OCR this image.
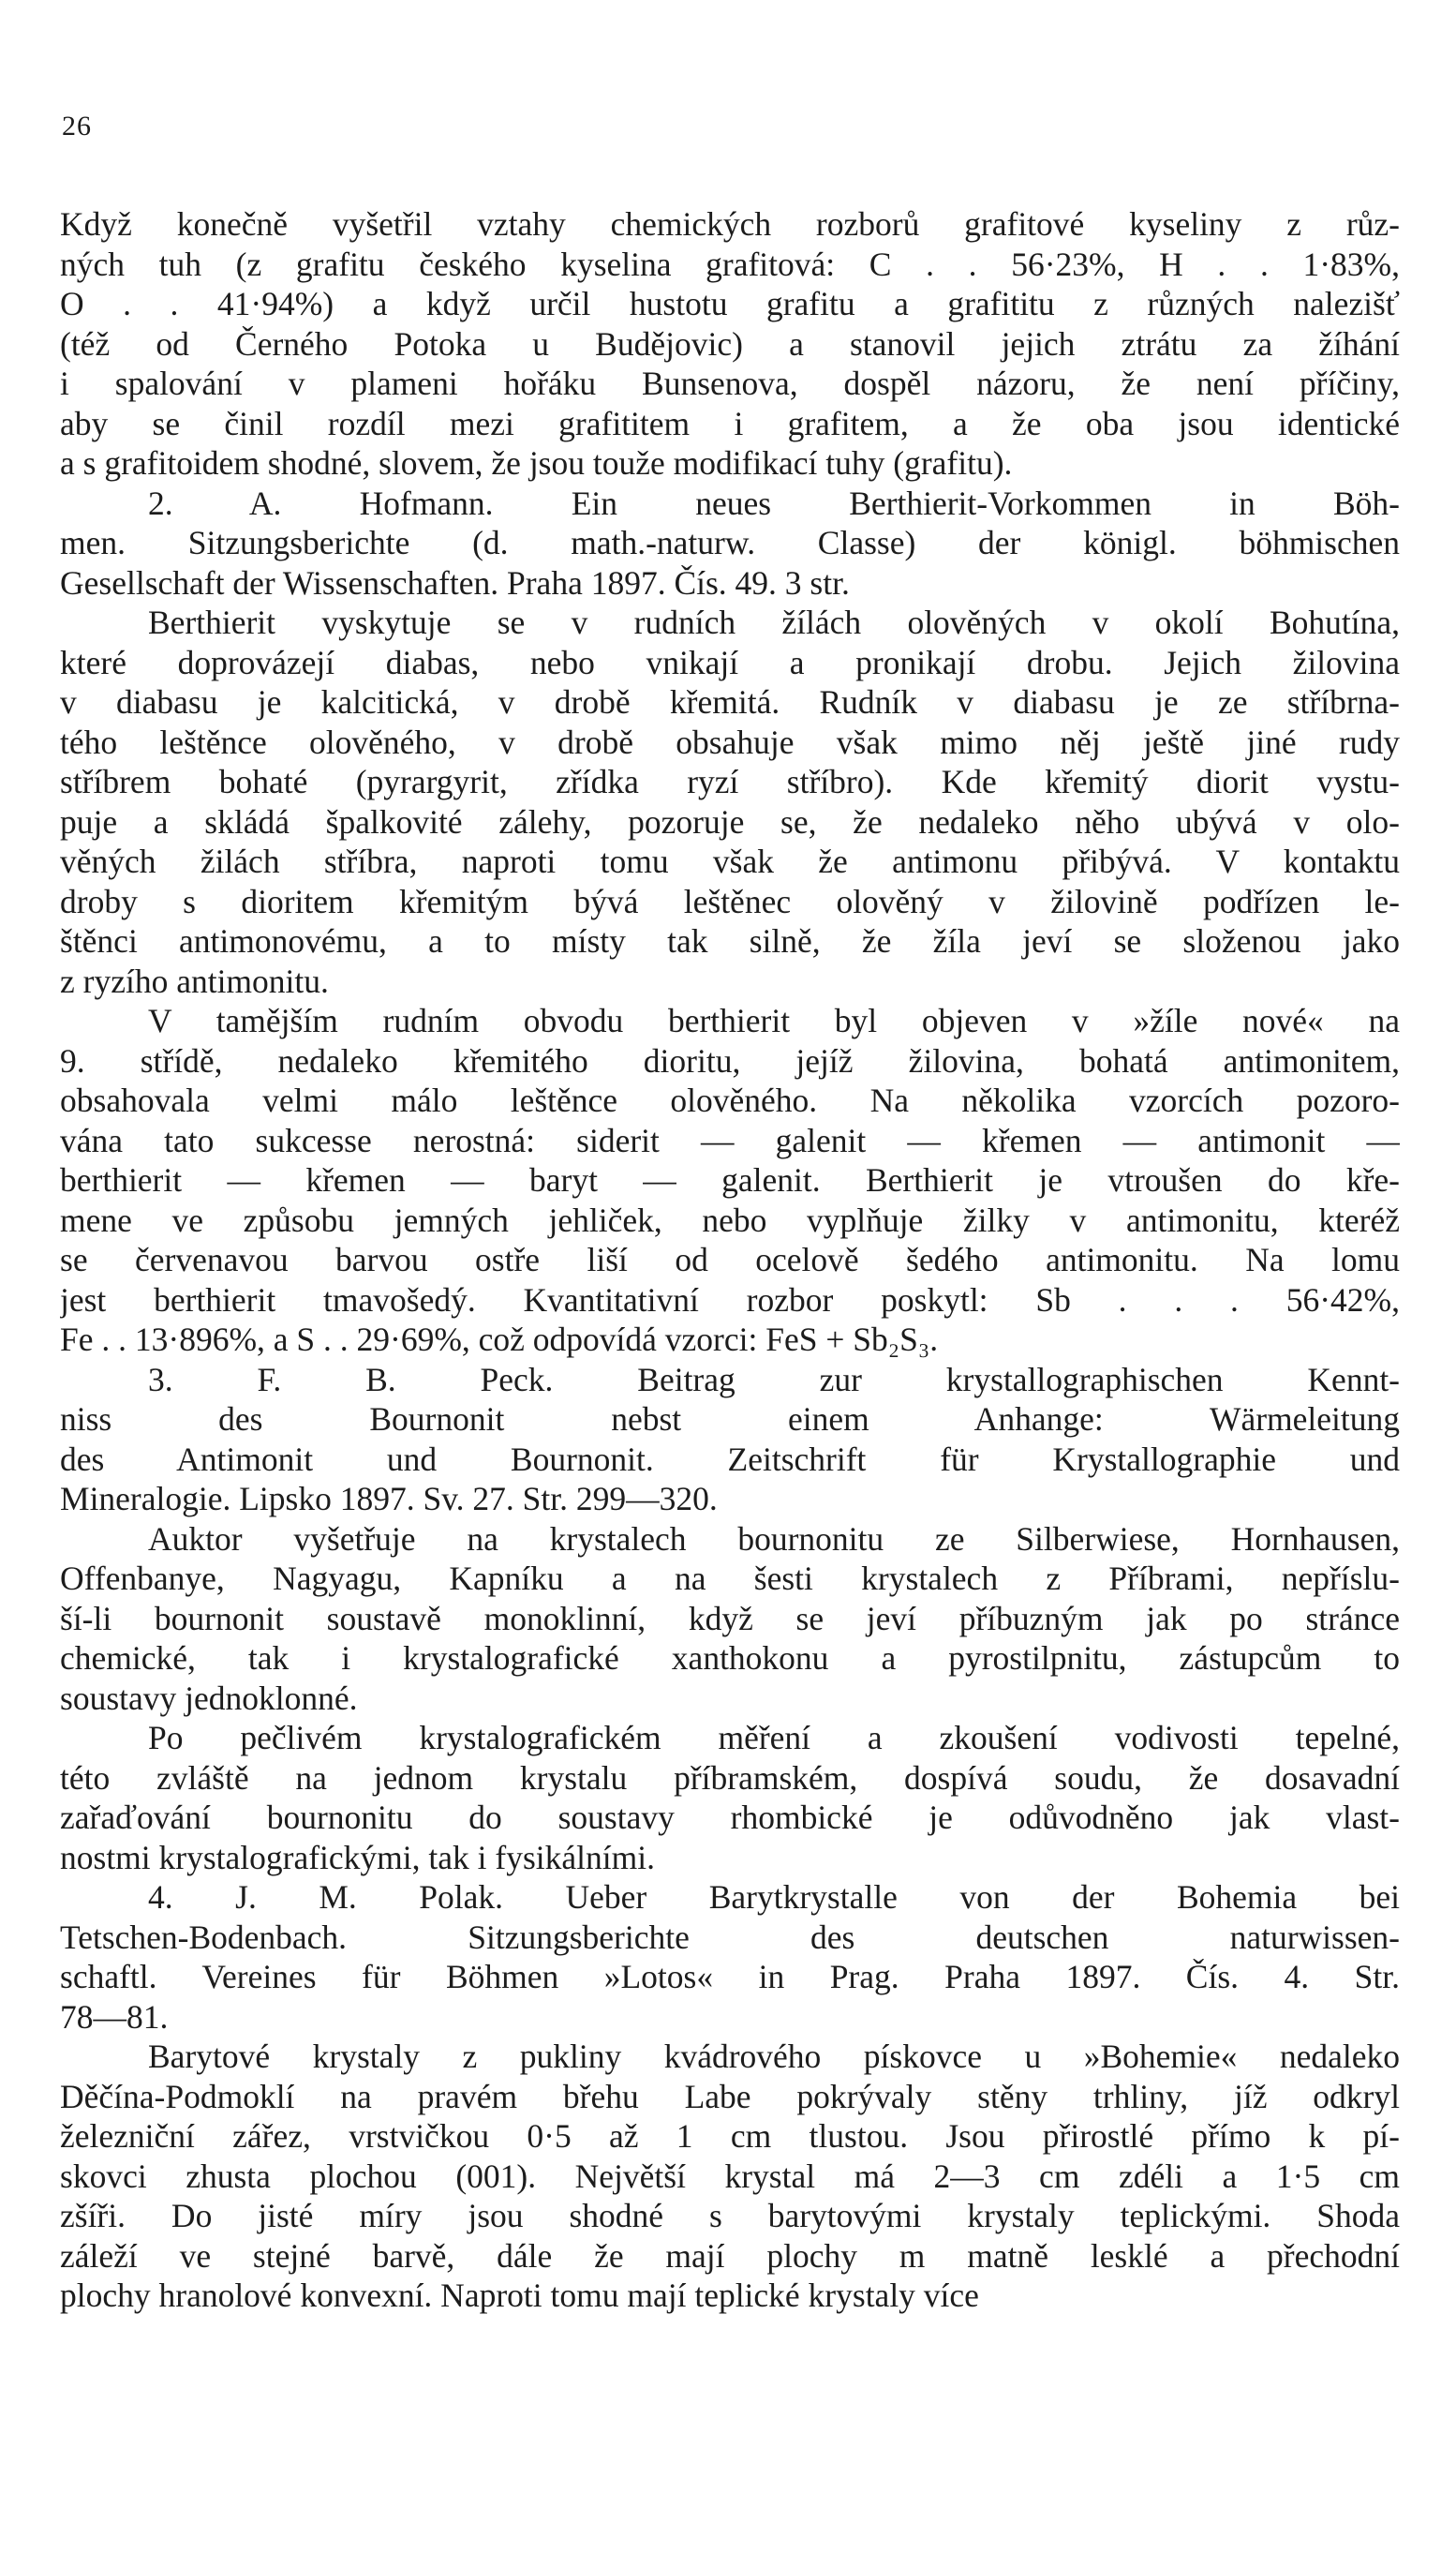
26
Když konečně vyšetřil vztahy chemických rozborů grafitové kyseliny z růz-
ných tuh (z grafitu českého kyselina grafitová: C . . 56·23%, H . . 1·83%,
O . . 41·94%) a když určil hustotu grafitu a grafititu z různých nalezišť
(též od Černého Potoka u Budějovic) a stanovil jejich ztrátu za žíhání
i spalování v plameni hořáku Bunsenova, dospěl názoru, že není příčiny,
aby se činil rozdíl mezi grafititem i grafitem, a že oba jsou identické
a s grafitoidem shodné, slovem, že jsou touže modifikací tuhy (grafitu).
2. A. Hofmann. Ein neues Berthierit-Vorkommen in Böh-
men. Sitzungsberichte (d. math.-naturw. Classe) der königl. böhmischen
Gesellschaft der Wissenschaften. Praha 1897. Čís. 49. 3 str.
Berthierit vyskytuje se v rudních žílách olověných v okolí Bohutína,
které doprovázejí diabas, nebo vnikají a pronikají drobu. Jejich žilovina
v diabasu je kalcitická, v drobě křemitá. Rudník v diabasu je ze stříbrna-
tého leštěnce olověného, v drobě obsahuje však mimo něj ještě jiné rudy
stříbrem bohaté (pyrargyrit, zřídka ryzí stříbro). Kde křemitý diorit vystu-
puje a skládá špalkovité zálehy, pozoruje se, že nedaleko něho ubývá v olo-
věných žilách stříbra, naproti tomu však že antimonu přibývá. V kontaktu
droby s dioritem křemitým bývá leštěnec olověný v žilovině podřízen le-
štěnci antimonovému, a to místy tak silně, že žíla jeví se složenou jako
z ryzího antimonitu.
V tamějším rudním obvodu berthierit byl objeven v »žíle nové« na
9. střídě, nedaleko křemitého dioritu, jejíž žilovina, bohatá antimonitem,
obsahovala velmi málo leštěnce olověného. Na několika vzorcích pozoro-
vána tato sukcesse nerostná: siderit — galenit — křemen — antimonit —
berthierit — křemen — baryt — galenit. Berthierit je vtroušen do kře-
mene ve způsobu jemných jehliček, nebo vyplňuje žilky v antimonitu, kteréž
se červenavou barvou ostře liší od ocelově šedého antimonitu. Na lomu
jest berthierit tmavošedý. Kvantitativní rozbor poskytl: Sb . . . 56·42%,
Fe . . 13·896%, a S . . 29·69%, což odpovídá vzorci: FeS + Sb₂S₃.
3. F. B. Peck. Beitrag zur krystallographischen Kennt-
niss des Bournonit nebst einem Anhange: Wärmeleitung
des Antimonit und Bournonit. Zeitschrift für Krystallographie und
Mineralogie. Lipsko 1897. Sv. 27. Str. 299—320.
Auktor vyšetřuje na krystalech bournonitu ze Silberwiese, Hornhausen,
Offenbanye, Nagyagu, Kapníku a na šesti krystalech z Příbrami, nepříslu-
ší-li bournonit soustavě monoklinní, když se jeví příbuzným jak po stránce
chemické, tak i krystalografické xanthokonu a pyrostilpnitu, zástupcům to
soustavy jednoklonné.
Po pečlivém krystalografickém měření a zkoušení vodivosti tepelné,
této zvláště na jednom krystalu příbramském, dospívá soudu, že dosavadní
zařaďování bournonitu do soustavy rhombické je odůvodněno jak vlast-
nostmi krystalografickými, tak i fysikálními.
4. J. M. Polak. Ueber Barytkrystalle von der Bohemia bei
Tetschen-Bodenbach. Sitzungsberichte des deutschen naturwissen-
schaftl. Vereines für Böhmen »Lotos« in Prag. Praha 1897. Čís. 4. Str.
78—81.
Barytové krystaly z pukliny kvádrového pískovce u »Bohemie« nedaleko
Děčína-Podmoklí na pravém břehu Labe pokrývaly stěny trhliny, jíž odkryl
železniční zářez, vrstvičkou 0·5 až 1 cm tlustou. Jsou přirostlé přímo k pí-
skovci zhusta plochou (001). Největší krystal má 2—3 cm zdéli a 1·5 cm
zšíři. Do jisté míry jsou shodné s barytovými krystaly teplickými. Shoda
záleží ve stejné barvě, dále že mají plochy m matně lesklé a přechodní
plochy hranolové konvexní. Naproti tomu mají teplické krystaly více
